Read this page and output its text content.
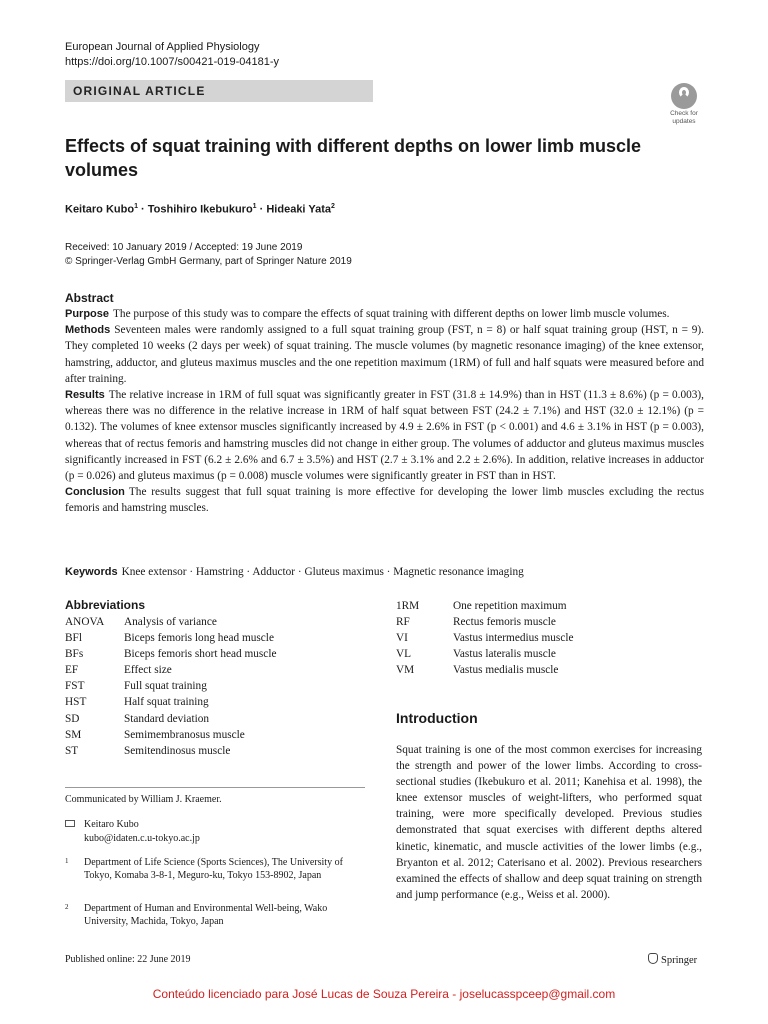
European Journal of Applied Physiology
https://doi.org/10.1007/s00421-019-04181-y
ORIGINAL ARTICLE
Check for
updates
Effects of squat training with different depths on lower limb muscle volumes
Keitaro Kubo$^1$ · Toshihiro Ikebukuro$^1$ · Hideaki Yata$^2$
Received: 10 January 2019 / Accepted: 19 June 2019
© Springer-Verlag GmbH Germany, part of Springer Nature 2019
Abstract

Purpose The purpose of this study was to compare the effects of squat training with different depths on lower limb muscle volumes.

Methods Seventeen males were randomly assigned to a full squat training group (FST, n = 8) or half squat training group (HST, n = 9). They completed 10 weeks (2 days per week) of squat training. The muscle volumes (by magnetic resonance imaging) of the knee extensor, hamstring, adductor, and gluteus maximus muscles and the one repetition maximum (1RM) of full and half squats were measured before and after training.

Results The relative increase in 1RM of full squat was significantly greater in FST (31.8 ± 14.9%) than in HST (11.3 ± 8.6%) (p = 0.003), whereas there was no difference in the relative increase in 1RM of half squat between FST (24.2 ± 7.1%) and HST (32.0 ± 12.1%) (p = 0.132). The volumes of knee extensor muscles significantly increased by 4.9 ± 2.6% in FST (p < 0.001) and 4.6 ± 3.1% in HST (p = 0.003), whereas that of rectus femoris and hamstring muscles did not change in either group. The volumes of adductor and gluteus maximus muscles significantly increased in FST (6.2 ± 2.6% and 6.7 ± 3.5%) and HST (2.7 ± 3.1% and 2.2 ± 2.6%). In addition, relative increases in adductor (p = 0.026) and gluteus maximus (p = 0.008) muscle volumes were significantly greater in FST than in HST.

Conclusion The results suggest that full squat training is more effective for developing the lower limb muscles excluding the rectus femoris and hamstring muscles.

Keywords Knee extensor · Hamstring · Adductor · Gluteus maximus · Magnetic resonance imaging
Abbreviations
ANOVA	Analysis of variance
BFl	Biceps femoris long head muscle
BFs	Biceps femoris short head muscle
EF	Effect size
FST	Full squat training
HST	Half squat training
SD	Standard deviation
SM	Semimembranosus muscle
ST	Semitendinosus muscle
1RM	One repetition maximum
RF	Rectus femoris muscle
VI	Vastus intermedius muscle
VL	Vastus lateralis muscle
VM	Vastus medialis muscle
Communicated by William J. Kraemer.
Keitaro Kubo
kubo@idaten.c.u-tokyo.ac.jp
1 Department of Life Science (Sports Sciences), The University of Tokyo, Komaba 3-8-1, Meguro-ku, Tokyo 153-8902, Japan
2 Department of Human and Environmental Well-being, Wako University, Machida, Tokyo, Japan
Introduction
Squat training is one of the most common exercises for increasing the strength and power of the lower limbs. According to cross-sectional studies (Ikebukuro et al. 2011; Kanehisa et al. 1998), the knee extensor muscles of weight-lifters, who performed squat training, were more specifically developed. Previous studies demonstrated that squat exercises with different depths altered kinetic, kinematic, and muscle activities of the lower limbs (e.g., Bryanton et al. 2012; Caterisano et al. 2002). Previous researchers examined the effects of shallow and deep squat training on strength and jump performance (e.g., Weiss et al. 2000).
Published online: 22 June 2019	Springer
Conteúdo licenciado para José Lucas de Souza Pereira - joselucasspceep@gmail.com
